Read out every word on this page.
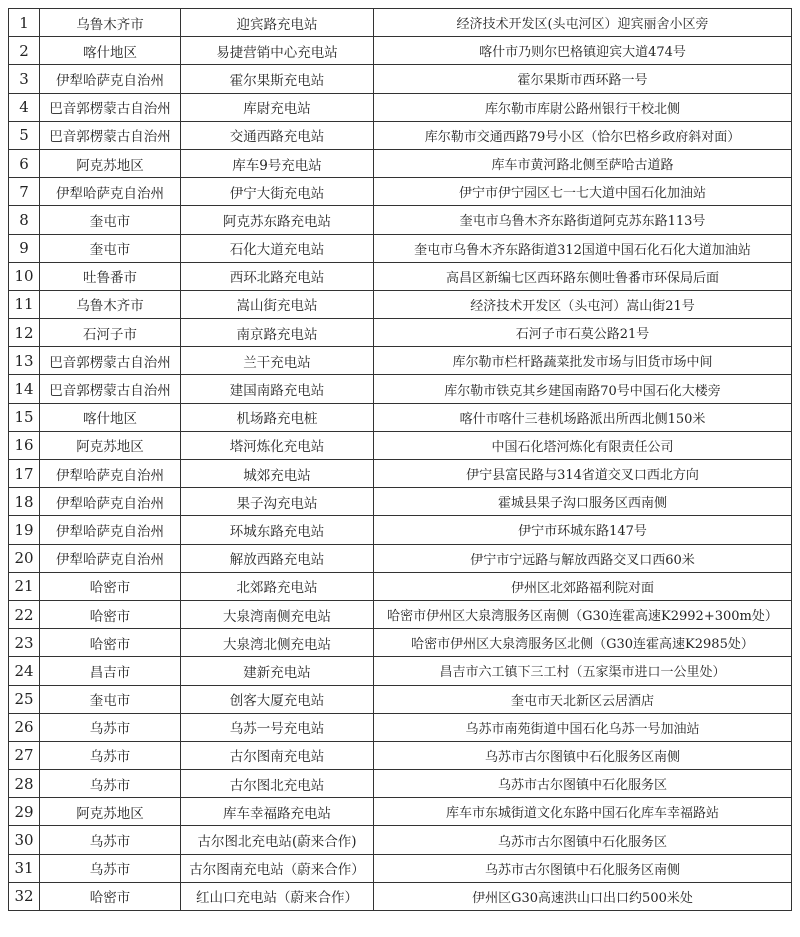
1	乌鲁木齐市	迎宾路充电站	经济技术开发区(头屯河区）迎宾丽舍小区旁
2	喀什地区	易捷营销中心充电站	喀什市乃则尔巴格镇迎宾大道474号
3	伊犁哈萨克自治州	霍尔果斯充电站	霍尔果斯市西环路一号
4	巴音郭楞蒙古自治州	库尉充电站	库尔勒市库尉公路州银行干校北侧
5	巴音郭楞蒙古自治州	交通西路充电站	库尔勒市交通西路79号小区（恰尔巴格乡政府斜对面）
6	阿克苏地区	库车9号充电站	库车市黄河路北侧至萨哈古道路
7	伊犁哈萨克自治州	伊宁大街充电站	伊宁市伊宁园区七一七大道中国石化加油站
8	奎屯市	阿克苏东路充电站	奎屯市乌鲁木齐东路街道阿克苏东路113号
9	奎屯市	石化大道充电站	奎屯市乌鲁木齐东路街道312国道中国石化石化大道加油站
10	吐鲁番市	西环北路充电站	高昌区新编七区西环路东侧吐鲁番市环保局后面
11	乌鲁木齐市	嵩山街充电站	经济技术开发区（头屯河）嵩山街21号
12	石河子市	南京路充电站	石河子市石莫公路21号
13	巴音郭楞蒙古自治州	兰干充电站	库尔勒市栏杆路蔬菜批发市场与旧货市场中间
14	巴音郭楞蒙古自治州	建国南路充电站	库尔勒市铁克其乡建国南路70号中国石化大楼旁
15	喀什地区	机场路充电桩	喀什市喀什三巷机场路派出所西北侧150米
16	阿克苏地区	塔河炼化充电站	中国石化塔河炼化有限责任公司
17	伊犁哈萨克自治州	城郊充电站	伊宁县富民路与314省道交叉口西北方向
18	伊犁哈萨克自治州	果子沟充电站	霍城县果子沟口服务区西南侧
19	伊犁哈萨克自治州	环城东路充电站	伊宁市环城东路147号
20	伊犁哈萨克自治州	解放西路充电站	伊宁市宁远路与解放西路交叉口西60米
21	哈密市	北郊路充电站	伊州区北郊路福利院对面
22	哈密市	大泉湾南侧充电站	哈密市伊州区大泉湾服务区南侧（G30连霍高速K2992+300m处）
23	哈密市	大泉湾北侧充电站	哈密市伊州区大泉湾服务区北侧（G30连霍高速K2985处）
24	昌吉市	建新充电站	昌吉市六工镇下三工村（五家渠市进口一公里处）
25	奎屯市	创客大厦充电站	奎屯市天北新区云居酒店
26	乌苏市	乌苏一号充电站	乌苏市南苑街道中国石化乌苏一号加油站
27	乌苏市	古尔图南充电站	乌苏市古尔图镇中石化服务区南侧
28	乌苏市	古尔图北充电站	乌苏市古尔图镇中石化服务区
29	阿克苏地区	库车幸福路充电站	库车市东城街道文化东路中国石化库车幸福路站
30	乌苏市	古尔图北充电站(蔚来合作)	乌苏市古尔图镇中石化服务区
31	乌苏市	古尔图南充电站（蔚来合作）	乌苏市古尔图镇中石化服务区南侧
32	哈密市	红山口充电站（蔚来合作）	伊州区G30高速洪山口出口约500米处
